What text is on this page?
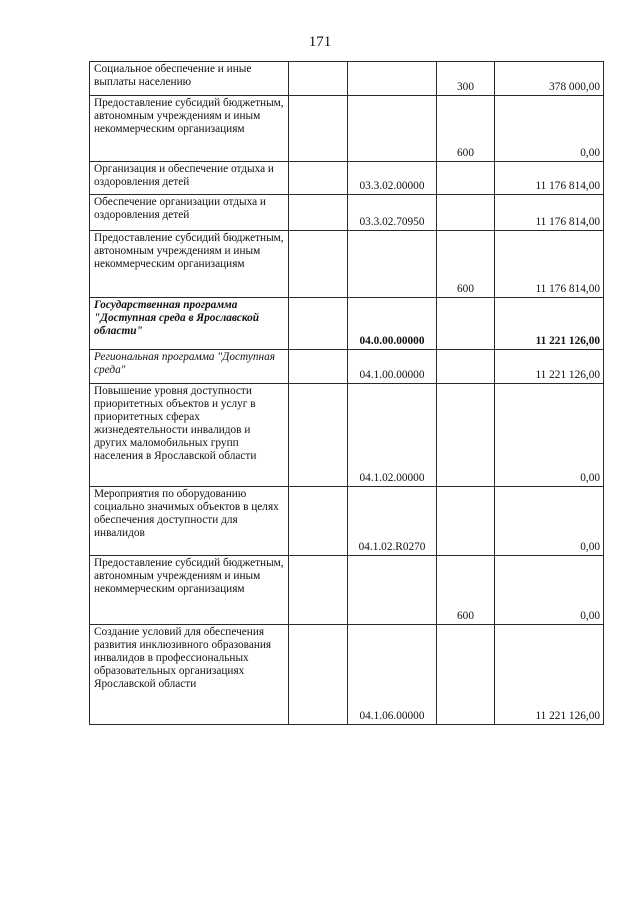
171
Социальное обеспечение и иные выплаты населению			300	378 000,00
Предоставление субсидий бюджетным, автономным учреждениям и иным некоммерческим организациям			600	0,00
Организация и обеспечение отдыха и оздоровления детей		03.3.02.00000		11 176 814,00
Обеспечение организации отдыха и оздоровления детей		03.3.02.70950		11 176 814,00
Предоставление субсидий бюджетным, автономным учреждениям и иным некоммерческим организациям			600	11 176 814,00
Государственная программа "Доступная среда в Ярославской области"		04.0.00.00000		11 221 126,00
Региональная программа "Доступная среда"		04.1.00.00000		11 221 126,00
Повышение уровня доступности приоритетных объектов и услуг в приоритетных сферах жизнедеятельности инвалидов и других маломобильных групп населения в Ярославской области		04.1.02.00000		0,00
Мероприятия по оборудованию социально значимых объектов в целях обеспечения доступности для инвалидов		04.1.02.R0270		0,00
Предоставление субсидий бюджетным, автономным учреждениям и иным некоммерческим организациям			600	0,00
Создание условий для обеспечения развития инклюзивного образования инвалидов в профессиональных образовательных организациях Ярославской области		04.1.06.00000		11 221 126,00
